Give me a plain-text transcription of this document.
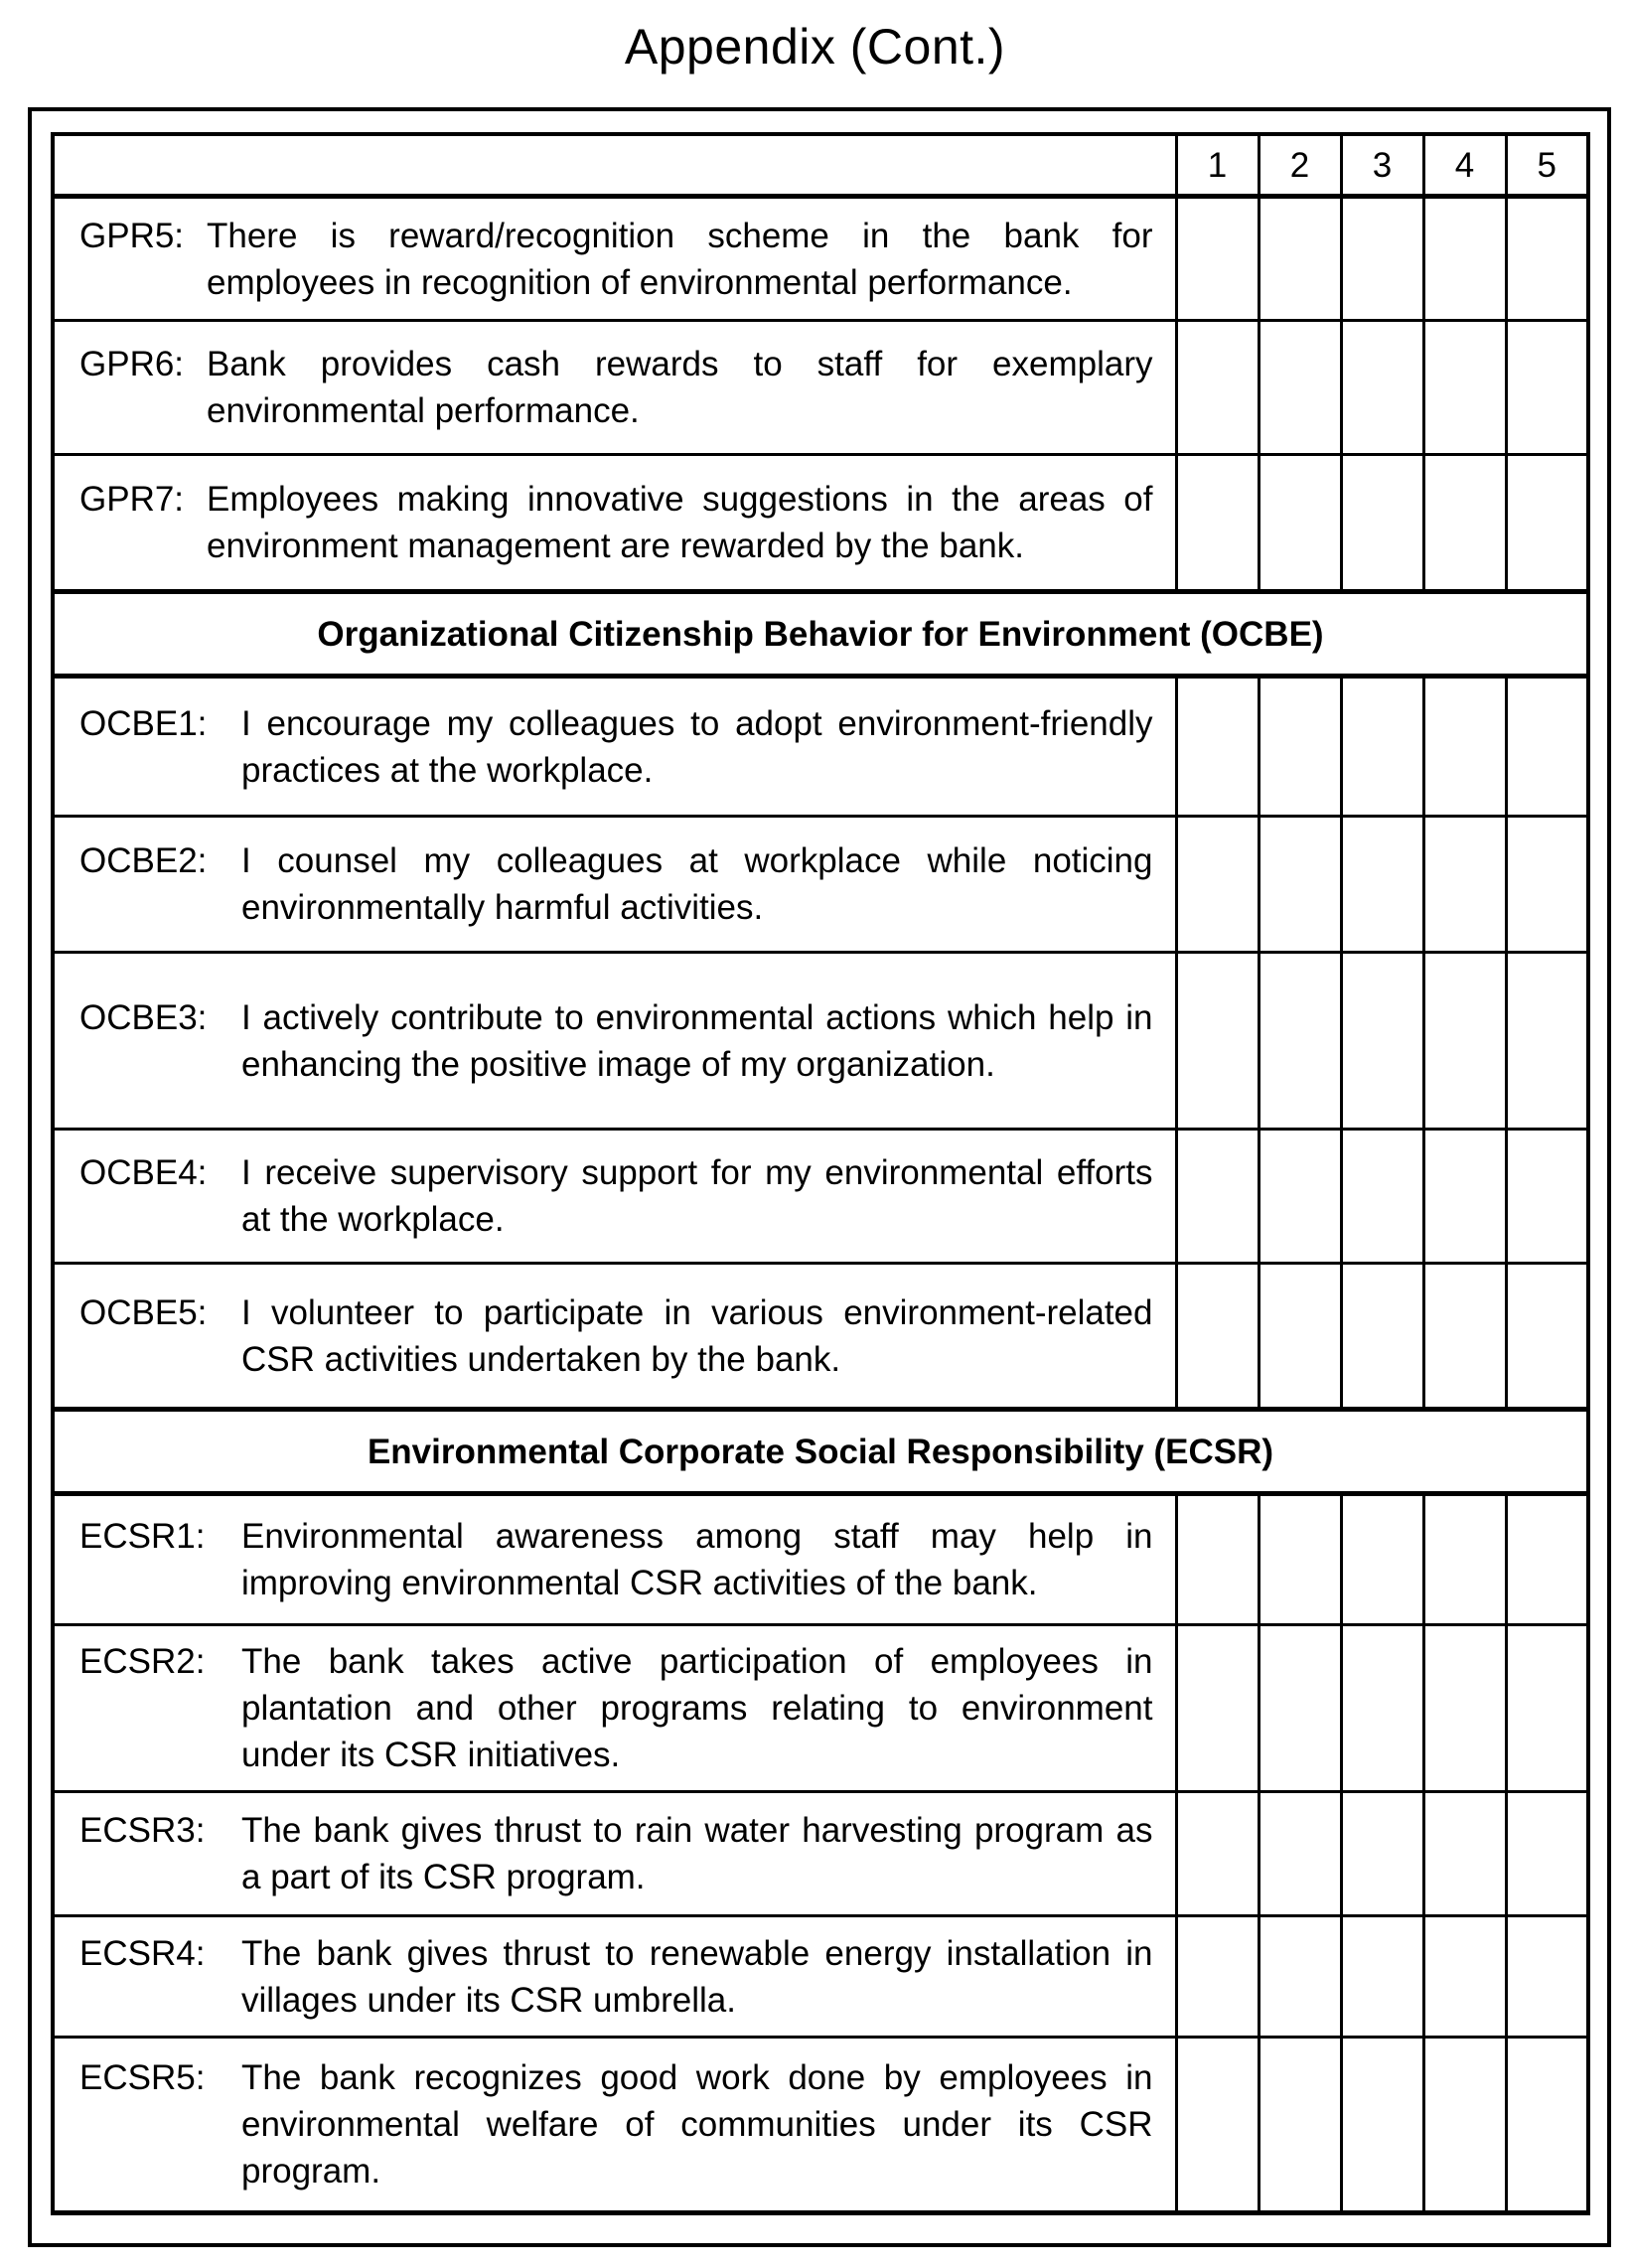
Appendix (Cont.)
	1	2	3	4	5

GPR5: There is reward/recognition scheme in the bank for employees in recognition of environmental performance.					

GPR6: Bank provides cash rewards to staff for exemplary environmental performance.					

GPR7: Employees making innovative suggestions in the areas of environment management are rewarded by the bank.					

Organizational Citizenship Behavior for Environment (OCBE)					

OCBE1: I encourage my colleagues to adopt environment-friendly practices at the workplace.					

OCBE2: I counsel my colleagues at workplace while noticing environmentally harmful activities.					

OCBE3: I actively contribute to environmental actions which help in enhancing the positive image of my organization.					

OCBE4: I receive supervisory support for my environmental efforts at the workplace.					

OCBE5: I volunteer to participate in various environment-related CSR activities undertaken by the bank.					

Environmental Corporate Social Responsibility (ECSR)					

ECSR1: Environmental awareness among staff may help in improving environmental CSR activities of the bank.					

ECSR2: The bank takes active participation of employees in plantation and other programs relating to environment under its CSR initiatives.					

ECSR3: The bank gives thrust to rain water harvesting program as a part of its CSR program.					

ECSR4: The bank gives thrust to renewable energy installation in villages under its CSR umbrella.					

ECSR5: The bank recognizes good work done by employees in environmental welfare of communities under its CSR program.					
